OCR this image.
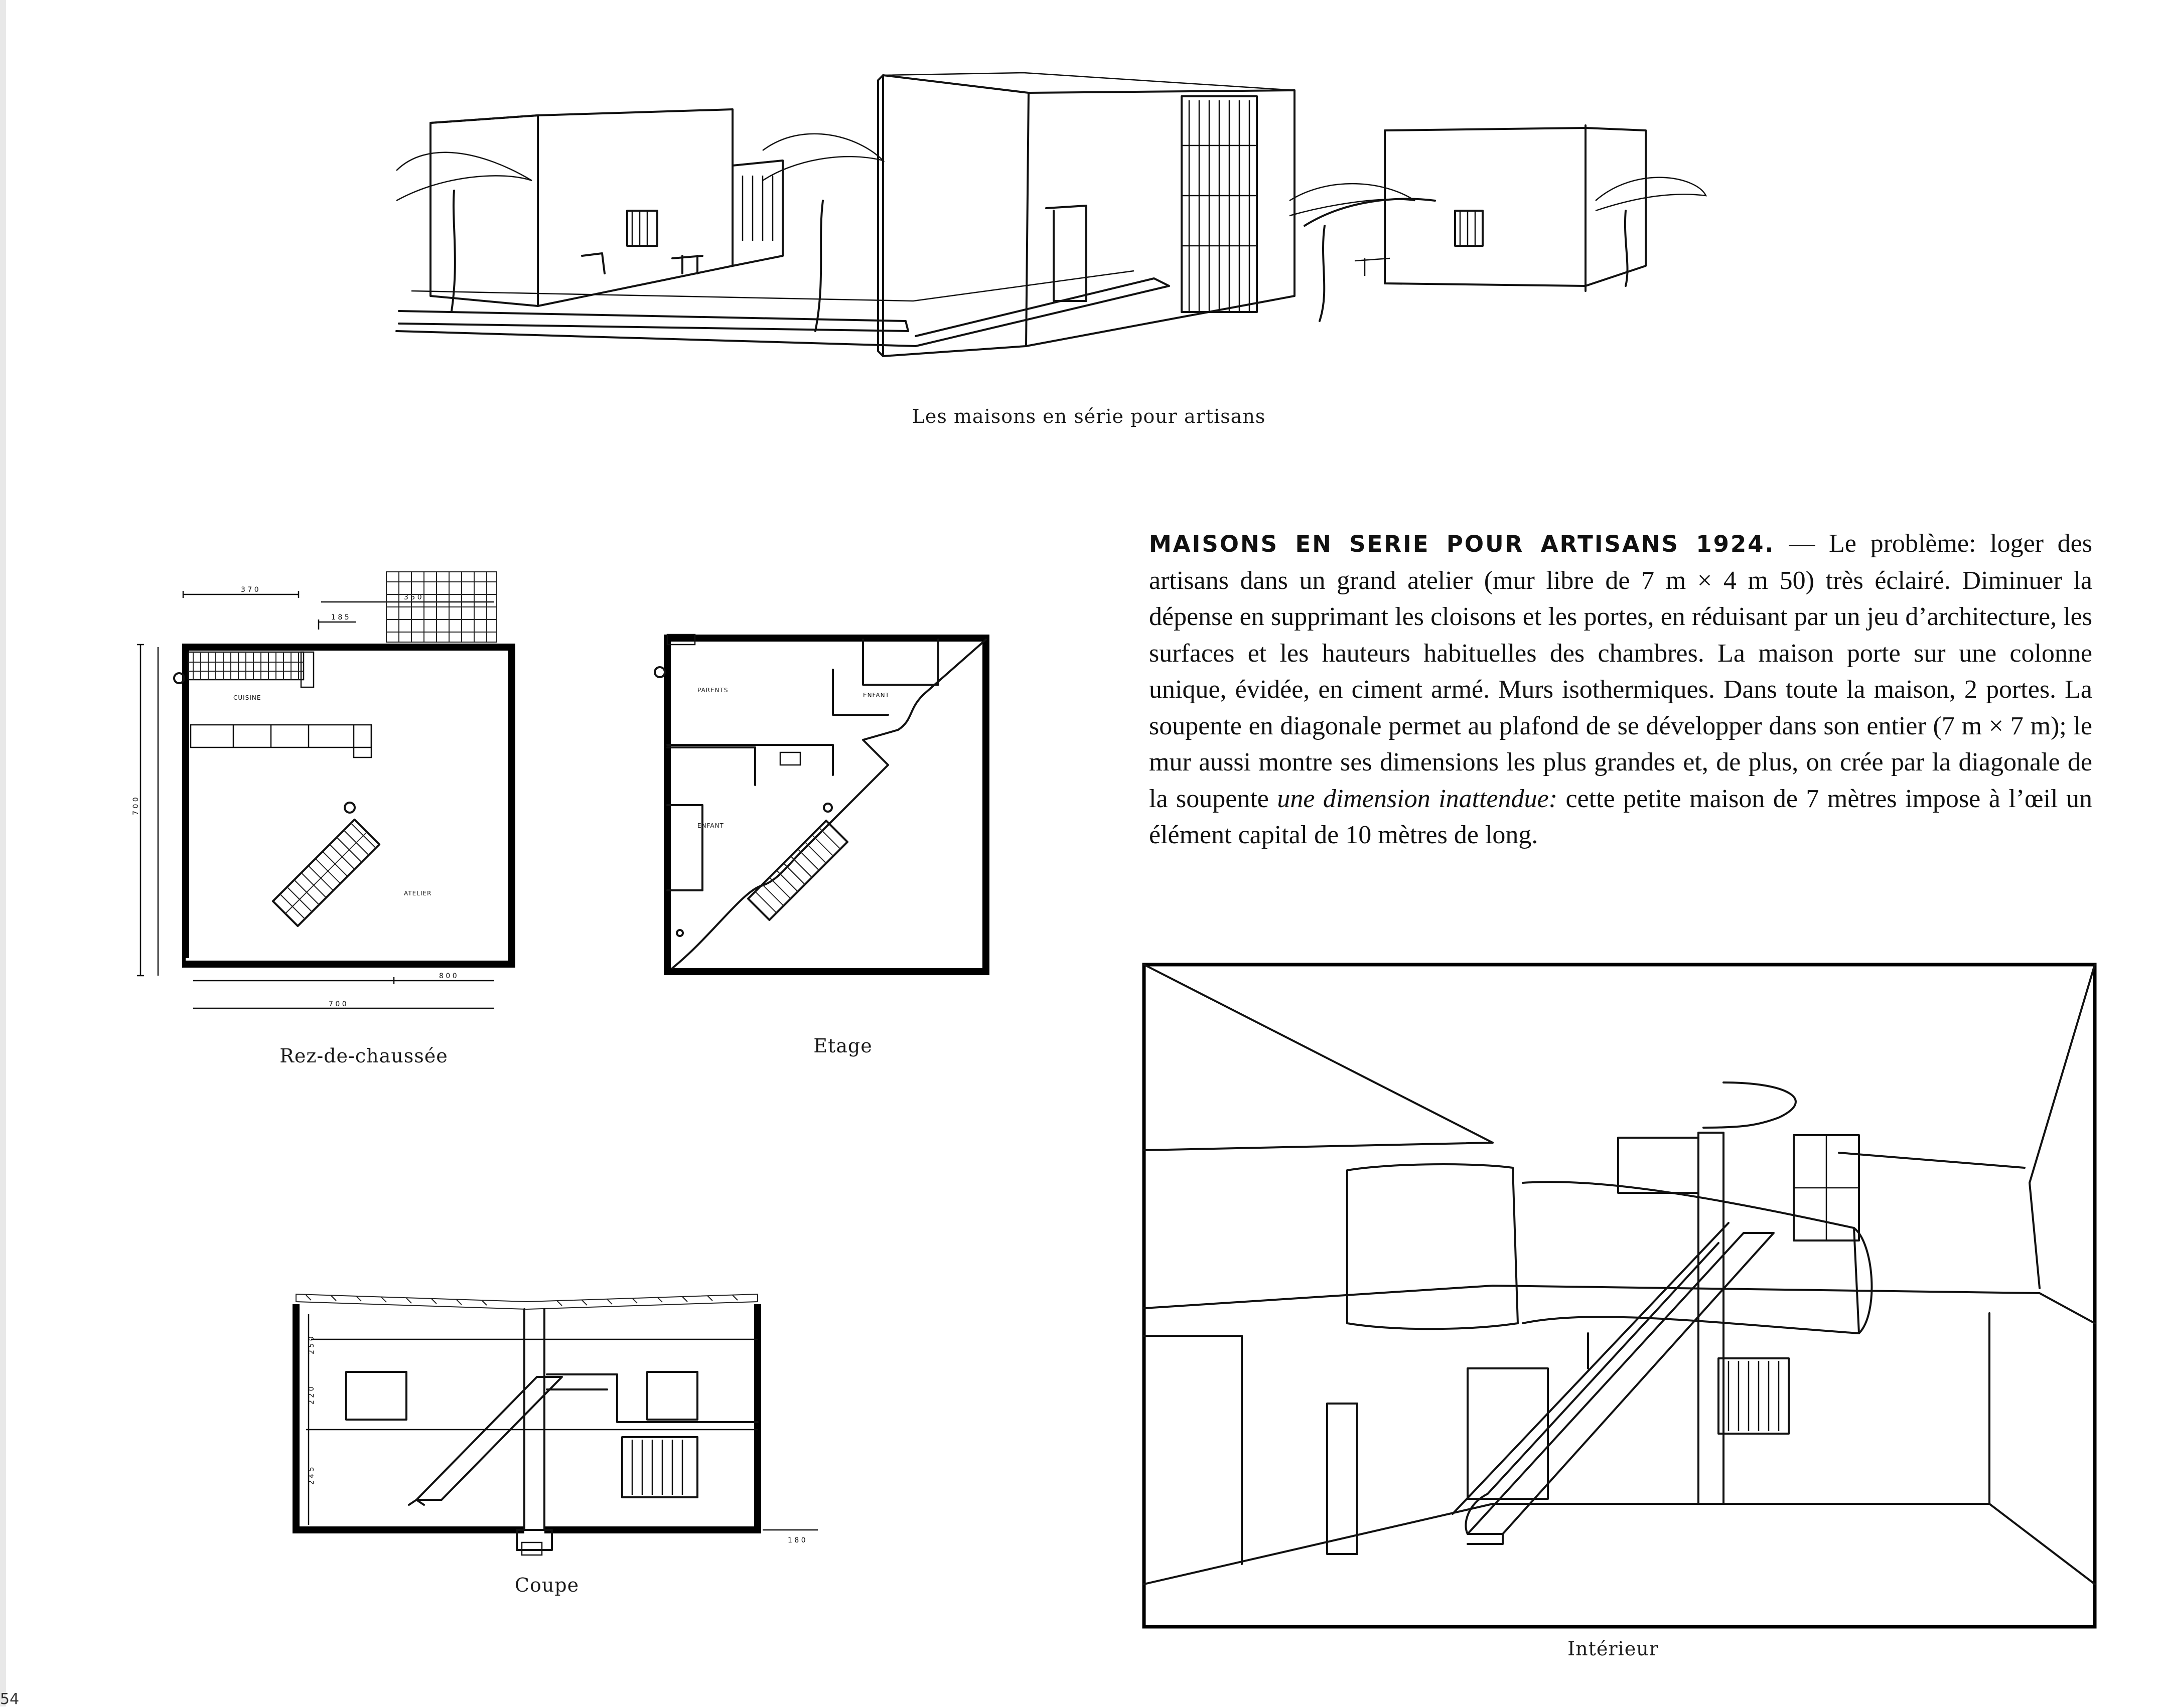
Les maisons en série pour artisans
3 7 0
3 5 0
1 8 5
7 0 0
CUISINE
ATELIER
8 0 0
7 0 0
Rez-de-chaussée
PARENTS
ENFANT
ENFANT
Etage
2 5 0
2 2 0
2 4 5
1 8 0
Coupe
Intérieur
MAISONS EN SERIE POUR ARTISANS 1924. — Le problème: loger des artisans dans un grand atelier (mur libre de 7 m × 4 m 50) très éclairé. Diminuer la dépense en supprimant les cloisons et les portes, en réduisant par un jeu d’architecture, les surfaces et les hauteurs habituelles des chambres. La maison porte sur une colonne unique, évidée, en ciment armé. Murs isothermiques. Dans toute la maison, 2 portes. La soupente en diagonale permet au plafond de se développer dans son entier (7 m × 7 m); le mur aussi montre ses dimensions les plus grandes et, de plus, on crée par la diagonale de la soupente une dimension inattendue: cette petite maison de 7 mètres impose à l’œil un élément capital de 10 mètres de long.
54
